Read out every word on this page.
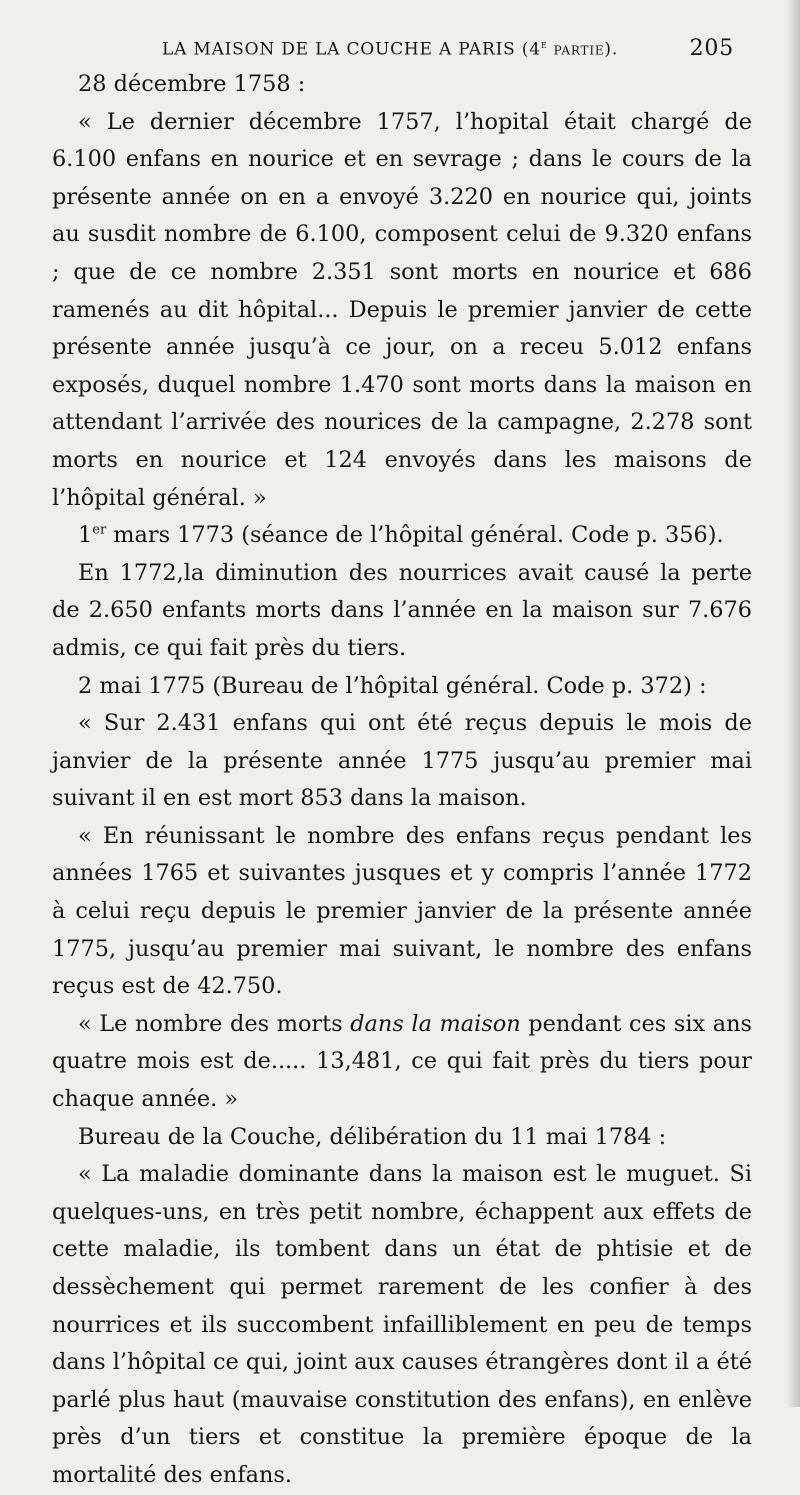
LA MAISON DE LA COUCHE A PARIS (4e partie).	205

28 décembre 1758 :

« Le dernier décembre 1757, l’hopital était chargé de 6.100 enfans en nourice et en sevrage ; dans le cours de la présente année on en a envoyé 3.220 en nourice qui, joints au susdit nombre de 6.100, composent celui de 9.320 enfans ; que de ce nombre 2.351 sont morts en nourice et 686 ramenés au dit hôpital... Depuis le premier janvier de cette présente année jusqu’à ce jour, on a receu 5.012 enfans exposés, duquel nombre 1.470 sont morts dans la maison en attendant l’arrivée des nourices de la campagne, 2.278 sont morts en nourice et 124 envoyés dans les maisons de l’hôpital général. »

1er mars 1773 (séance de l’hôpital général. Code p. 356).

En 1772,la diminution des nourrices avait causé la perte de 2.650 enfants morts dans l’année en la maison sur 7.676 admis, ce qui fait près du tiers.

2 mai 1775 (Bureau de l’hôpital général. Code p. 372) :

« Sur 2.431 enfans qui ont été reçus depuis le mois de janvier de la présente année 1775 jusqu’au premier mai suivant il en est mort 853 dans la maison.

« En réunissant le nombre des enfans reçus pendant les années 1765 et suivantes jusques et y compris l’année 1772 à celui reçu depuis le premier janvier de la présente année 1775, jusqu’au premier mai suivant, le nombre des enfans reçus est de 42.750.

« Le nombre des morts dans la maison pendant ces six ans quatre mois est de..... 13,481, ce qui fait près du tiers pour chaque année. »

Bureau de la Couche, délibération du 11 mai 1784 :

« La maladie dominante dans la maison est le muguet. Si quelques-uns, en très petit nombre, échappent aux effets de cette maladie, ils tombent dans un état de phtisie et de dessèchement qui permet rarement de les confier à des nourrices et ils succombent infailliblement en peu de temps dans l’hôpital ce qui, joint aux causes étrangères dont il a été parlé plus haut (mauvaise constitution des enfans), en enlève près d’un tiers et constitue la première époque de la mortalité des enfans.
